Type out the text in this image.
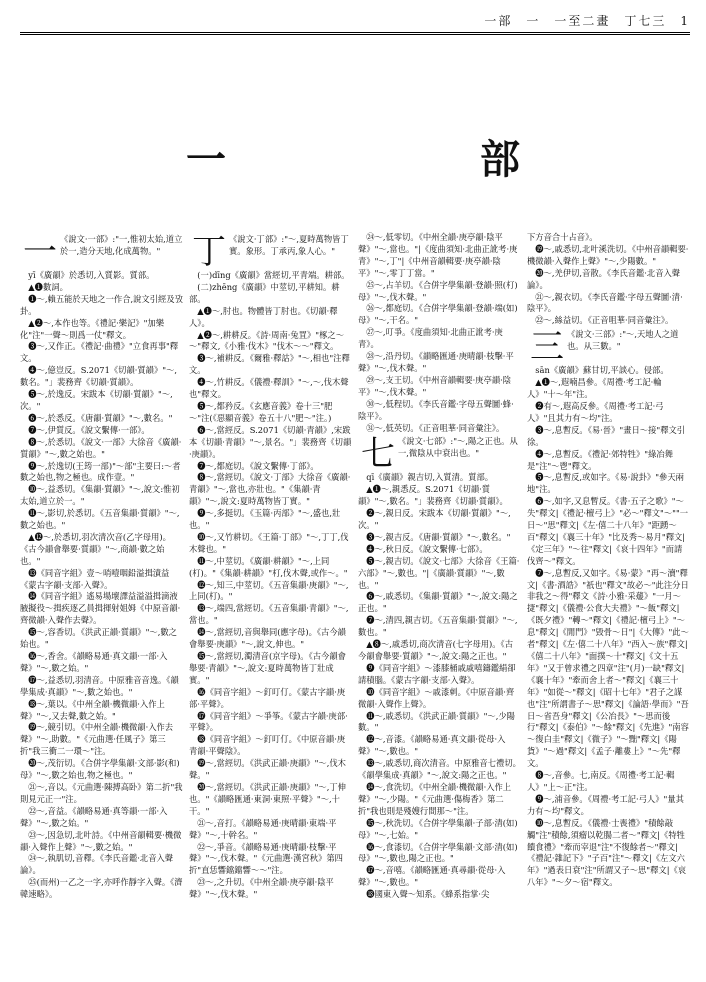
一部　一　一至二畫　丁七三　1
一 部
一 《說文·一部》:"一,惟初太始,道立於一,造分天地,化成萬物。"

yī《廣韻》於悉切,入質影。質部。

▲❶數詞。

❶～,賴五能於天地之一作合,說文引經及攷卦。

▲❷～,本作也等。《禮記·樂記》"加樂化"注"一聲～則爲一仗"釋文。

❸～,又作正。《禮記·曲禮》"立食再事"釋文。

❹～,億豈反。S.2071《切韻·質韻》"～,數名。"」裴務齊《切韻·質韻》。

❺～,於逸反。宋跋本《切韻·質韻》"～,次。"

❻～,於悉反。《唐韻·質韻》"～,數名。"

❼～,伊質反。《說文繫傳·一部》。

❽～,於悉切。《說文·一部》大徐音《廣韻·質韻》"～,數之始也。"

❾～,於逸切(王筠一部)"～部"主要曰:～者數之始也,物之極也。成作壹。"

❿～,益悉切。《集韻·質韻》"～,說文:惟初太始,道立於一。"

⓫～,影切,於悉切。《五音集韻·質韻》"～,數之始也。"

▲⓬～,於悉切,羽次清次音(乙字母用)。《古今韻會舉要·質韻》"～,商韻·數之始也。"

⓭《同音字組》壹～哨噎咽鉛溢揖漬益《蒙古字韻·支部·入聲》。

⓮《同音字組》遙易場壞譯益溢溢揖滴液腋擬役～揖疾逐乙員揖揮射姐姆《中原音韻·齊微韻·入聲作去聲》。

⓯～,容香切。《洪武正韻·質韻》"～,數之始也。"

⓰～,香舍。《韻略易通·真文韻·一部·入聲》"～,數之始。"

⓱～,益悉切,羽清音。中原雅音音逸。《韻學集成·真韻》"～,數之始也。"

⓲～,葉以。《中州全韻·機微韻·入作上聲》"～,又去聲,數之始。"

⓳～,競引切。《中州全韻·機微韻·入作去聲》"～,助數。"《元曲選·任風子》第三折"我三衝二一環～"注。

⓴～,茂衍切。《合併字學集韻·文部·影(和)母》"～,數之始也,物之極也。"

㉑～,音以。《元曲選·陳搏高卧》第二折"我則見元正一"注。

㉒～,音益。《韻略易通·真等韻·一部·入聲》"～,數之始。"

㉓～,因急切,北叶詩。《中州音韻輯要·機微韻·入聲作上聲》"～,數之始。"

㉔～,執肌切,音釋。《李氏音鑑·北音入聲論》。

㉕(而州)一乙之一字,亦呼作靜字入聲。《濟韓速略》。

丁 《說文·丁部》:"～,夏時萬物皆丁實。象形。丁承丙,象人心。"

(一)dīng《廣韻》當經切,平青端。耕部。

(二)zhēng《廣韻》中莖切,平耕知。耕部。

▲❶～,肘也。物體皆丁肘也。《切韻·釋人》。

▲❷～,耕耕反。《詩·周南·兔罝》"椓之～～"釋文,《小雅·伐木》"伐木～～"釋文。

❸～,補耕反。《爾雅·釋詁》"～,相也"注釋文。

❹～,竹耕反。《儀禮·釋訓》"～,～,伐木聲也"釋文。

❺～,都矜反。《玄應音義》卷十三"肥～"注(《惡顯音義》卷五十八"肥～"注。)

❻～,當經反。S.2071《切韻·青韻》,宋跋本《切韻·青韻》"～,景名。"」裴務齊《切韻·庚韻》。

❼～,都庭切。《說文繫傳·丁部》。

❽～,當經切。《說文·丁部》大徐音《廣韻·青韻》"～,當也,亦壯也。"《集韻·青韻》"～,說文:夏時萬物皆丁實。"

❾～,多挺切。《玉篇·丙部》"～,盛也,壯也。"

❿～,又竹耕切。《王篇·丁部》"～,丁丁,伐木聲也。"

⓫～,中莖切。《廣韻·耕韻》"～,上同(朾)。"《集韻·耕韻》"朾,伐木聲,或作～。"

⓬～,知三,中莖切。《五音集韻·庚韻》"～,上同(朾)。"

⓭～,端四,當經切。《五音集韻·青韻》"～,當也。"

⓮～,當經切,音與舉同(應字母)。《古今韻會舉要·庚韻》"～,說文,伸也。"

⓯～,當經切,濁清音(京字母)。《古今韻會舉要·青韻》"～,說文:夏時萬物皆丁壯成實。"

⓰《同音字組》～釘叮仃。《蒙古字韻·庚部·平聲》。

⓱《同音字組》～爭筝。《蒙古字韻·庚部·平聲》。

⓲《同音字組》～釘叮仃。《中原音韻·庚青韻·平聲陰》。

⓳～,當經切。《洪武正韻·庚韻》"～,伐木聲。"

⓴～,當經切。《洪武正韻·庚韻》"～,丁伸也。"《韻略匯通·東洞·東照·平聲》"～,十干。"

㉑～,音打。《韻略易通·庚晴韻·東端·平聲》"～,十幹名。"

㉒～,爭音。《韻略易通·庚晴韻·枝擊·平聲》"～,伐木聲。"《元曲選·漢宮秋》第四折"直恁響鐺鐺響～～"注。

㉓～,之升切。《中州全韻·庚亭韻·陰平聲》"～,伐木聲。"

㉔～,低零切。《中州全韻·庚亭韻·陰平聲》"～,當也。"|《度曲須知·北曲正訛考·庚青》"～,丁"|《中州音韻輯要·庚亭韻·陰平》"～,零丁丁當。"

㉕～,占羊切。《合併字學集韻·登韻·照(朾)母》"～,伐木聲。"

㉖～,都庭切。《合併字學集韻·登韻·端(如)母》"～,干名。"

㉗～,叮爭。《度曲須知·北曲正訛考·庚青》。

㉘～,沿丹切。《韻略匯通·庚晴韻·枝擊·平聲》"～,伐木聲。"

㉙～,支王切。《中州音韻輯要·庚亭韻·陰平》"～,伐木聲。"

㉚～,低程切。《李氏音鑑·字母五聲圖·蜂·陰平》。

㉛～,低英切。《正音咀華·同音彙注》。

七 《說文·七部》:"～,陽之正也。从一,微陰从中衰出也。"

qī《廣韻》親吉切,入質清。質部。

▲❶～,親悉反。S.2071《切韻·質韻》"～,數名。"」裴務齊《切韻·質韻》。

❷～,親日反。宋跋本《切韻·質韻》"～,次。"

❸～,親吉反。《唐韻·質韻》"～,數名。"

❹～,秋日反。《說文繫傳·七部》。

❺～,親吉切。《說文·七部》大徐音《王篇·六部》"～,數也。"|《廣韻·質韻》"～,數也。"

❻～,戚悉切。《集韻·質韻》"～,說文:陽之正也。"

❼～,清四,親吉切。《五音集韻·質韻》"～,數也。"

▲❽～,戚悉切,商次清音(七字母用)。《古今韻會舉要·質韻》"～,說文:陽之正也。"

❾《同音字組》～漆膝桶戚戚嘻鑄鑑絹卻請積腦。《蒙古字韻·支部·入聲》。

❿《同音字組》～戚漆刺。《中原音韻·齊微韻·入聲作上聲》。

⓫～,戚悉切。《洪武正韻·質韻》"～,少陽數。"

⓬～,音漆。《韻略易通·真文韻·從母·入聲》"～,數也。"

⓭～,戚悉切,商次清音。中原雅音七禮切。《韻學集成·真韻》"～,說文:陽之正也。"

⓮～,食洗切。《中州全韻·機微韻·入作上聲》"～,少陽。"《元曲選·傷梅香》第二折"我也則是殘嫂行間那～"注。

⓯～,秋洗切。《合併字學集韻·子部·清(如)母》"～,七始。"

⓰～,食漆切。《合併字學集韻·文部·清(如)母》"～,數也,陽之正也。"

⓱～,音嘻。《韻略匯通·真尋韻·從母·入聲》"～,數也。"

⓲國東入聲～知系。《蜂系指掌·尖

下方音合十占音》。

⓳～,戚悉切,北叶溪洗切。《中州音韻輯要·機微韻·入聲作上聲》"～,少陽數。"

⓴～,羌伊切,音散。《李氏音鑑·北音入聲論》。

㉑～,親衣切。《李氏音鑑·字母五聲圖·清·陰平》。

㉒～,絲益切。《正音咀華·同音彙注》。

三 《說文·三部》:"～,天地人之道也。从三數。"

sān《廣韻》蘇甘切,平談心。侵部。

▲❶～,遐喃昌參。《周禮·考工記·輪人》"十～年"注。

❷有～,遐高反參。《周禮·考工記·弓人》"且其力有～均"注。

❸～,息暫反。《易·晉》"畫日～接"釋文引徐。

❹～,息暫反。《禮記·郊特牲》"綠冶舞是"注"～鬯"釋文。

❺～,息暫反,或如字。《易·說卦》"參天兩地"注。

❻～,如字,又息暫反。《書·五子之歌》"～失"釋文|《禮記·檀弓上》"必～"釋文"～""一日～"思"釋文|《左·僖二十八年》"距踴～百"釋文|《襄三十年》"比及秀～易月"釋文|《定三年》"～往"釋文|《哀十四年》"而請伐齊～"釋文。

❼～,息暫反,又如字。《易·蒙》"再～瀆"釋文|《書·酒誥》"祇也"釋文"故必～"此注分日非我之～得"釋文《詩·小雅·采蕿》"一月～捷"釋文|《儀禮·公食大夫禮》"～飯"釋文|《既夕禮》"轉～"釋文|《禮記·檀弓上》"～息"釋文|《閒門》"毀骨～日"|《大傳》"此～者"釋文|《左·僖二十八年》"西入～族"釋文|《僖二十八年》"面撲～十"釋文|《文十五年》"又于曾求禮之四章"注"(月)一缺"釋文|《襄十年》"牽而舍上者～"釋文|《襄三十年》"如從～"釋文|《昭十七年》"君子之謀也"注"所謂書子～思"釋文|《論語·學而》"吾日～省吾身"釋文|《公冶長》"～思而後行"釋文|《泰伯》"～餘"釋文|《先進》"南容～復白圭"釋文|《微子》"～黜"釋文|《陽貨》"～過"釋文|《孟子·離婁上》"～先"釋文。

❽～,音參。七,南反。《周禮·考工記·輯人》"上～正"注。

❾～,浦音參。《周禮·考工記·弓人》"量其力有～均"釋文。

❿～,息暫反。《儀禮·士喪禮》"積餘敲觸"注"積餘,須瘤以乾腸二者～"釋文|《特牲饋食禮》"牽而宰退"注"不復餘者～"釋文|《禮記·雜記下》"子百"注"～釋文|《左文六年》"過表日衰"注"所謂又子～思"釋文|《哀八年》"～夕～宿"釋文。
